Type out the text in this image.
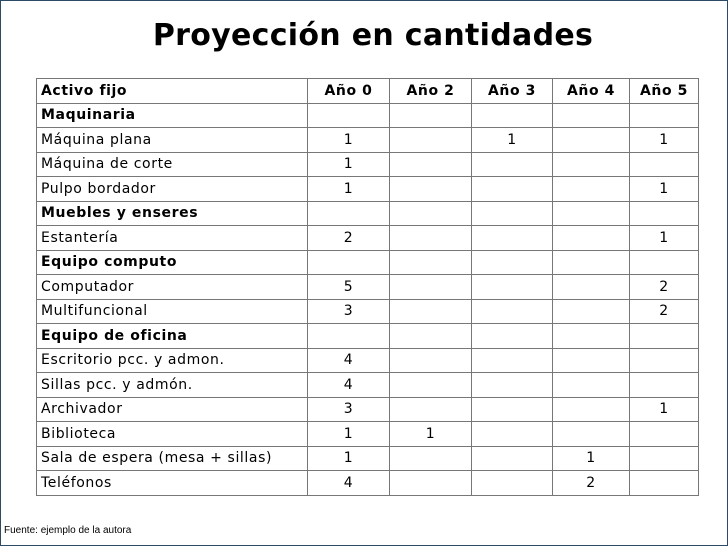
Proyección en cantidades
Activo fijo	Año 0	Año 2	Año 3	Año 4	Año 5
Maquinaria					
Máquina plana	1		1		1
Máquina de corte	1				
Pulpo bordador	1				1
Muebles y enseres					
Estantería	2				1
Equipo computo					
Computador	5				2
Multifuncional	3				2
Equipo de oficina					
Escritorio pcc. y admon.	4				
Sillas pcc. y admón.	4				
Archivador	3				1
Biblioteca	1	1			
Sala de espera (mesa + sillas)	1			1	
Teléfonos	4			2	
Fuente: ejemplo de la autora
